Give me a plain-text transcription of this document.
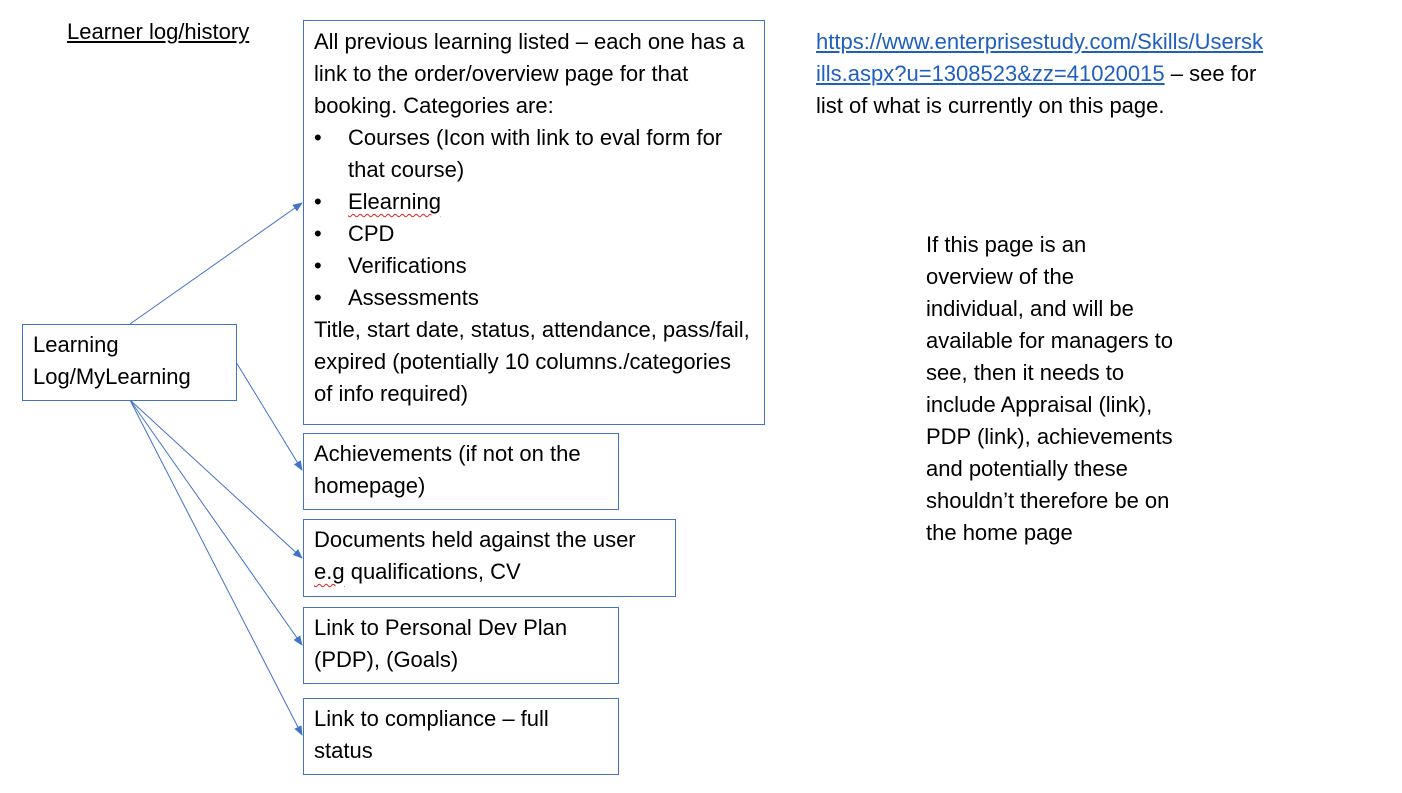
Learner log/history
Learning Log/MyLearning
All previous learning listed – each one has a link to the order/overview page for that booking. Categories are:
• Courses (Icon with link to eval form for that course)
• Elearning
• CPD
• Verifications
• Assessments
Title, start date, status, attendance, pass/fail, expired (potentially 10 columns./categories of info required)
Achievements (if not on the homepage)
Documents held against the user e.g qualifications, CV
Link to Personal Dev Plan (PDP), (Goals)
Link to compliance – full status
https://www.enterprisestudy.com/Skills/Userskills.aspx?u=1308523&zz=41020015 – see for list of what is currently on this page.
If this page is an overview of the individual, and will be available for managers to see, then it needs to include Appraisal (link), PDP (link), achievements and potentially these shouldn’t therefore be on the home page
